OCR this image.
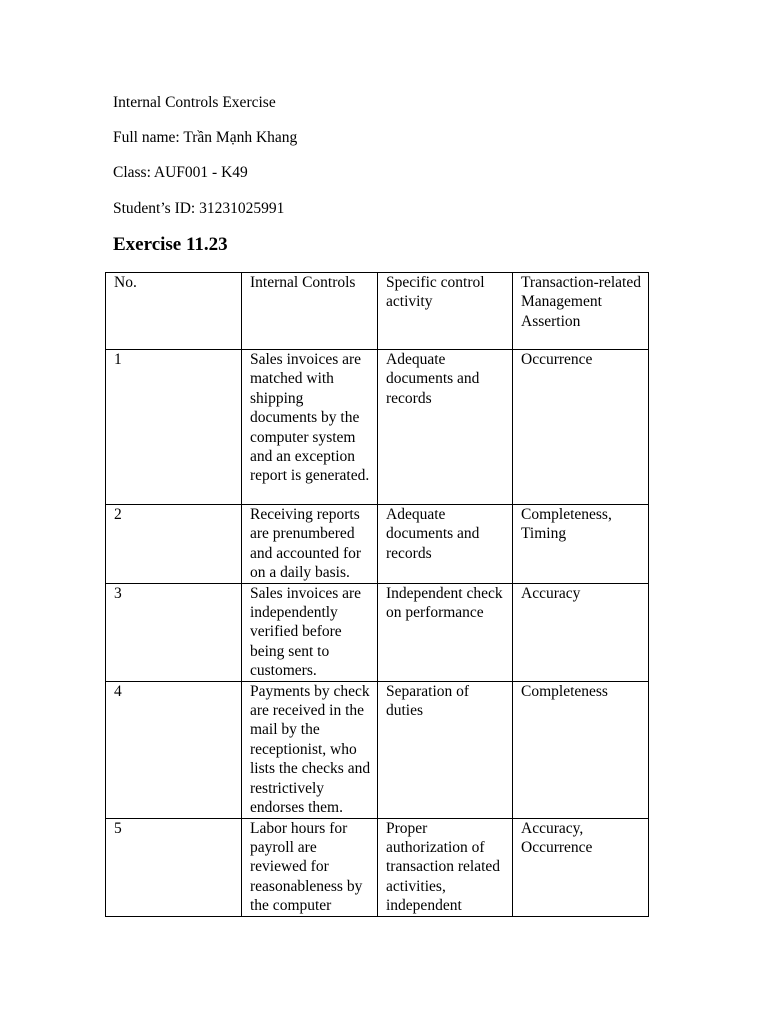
Internal Controls Exercise
Full name: Trần Mạnh Khang
Class: AUF001 - K49
Student’s ID: 31231025991
Exercise 11.23
No.	Internal Controls	Specific control activity	Transaction-related Management Assertion
1	Sales invoices are matched with shipping documents by the computer system and an exception report is generated.	Adequate documents and records	Occurrence
2	Receiving reports are prenumbered and accounted for on a daily basis.	Adequate documents and records	Completeness, Timing
3	Sales invoices are independently verified before being sent to customers.	Independent check on performance	Accuracy
4	Payments by check are received in the mail by the receptionist, who lists the checks and restrictively endorses them.	Separation of duties	Completeness
5	Labor hours for payroll are reviewed for reasonableness by the computer	Proper authorization of transaction related activities, independent	Accuracy, Occurrence
